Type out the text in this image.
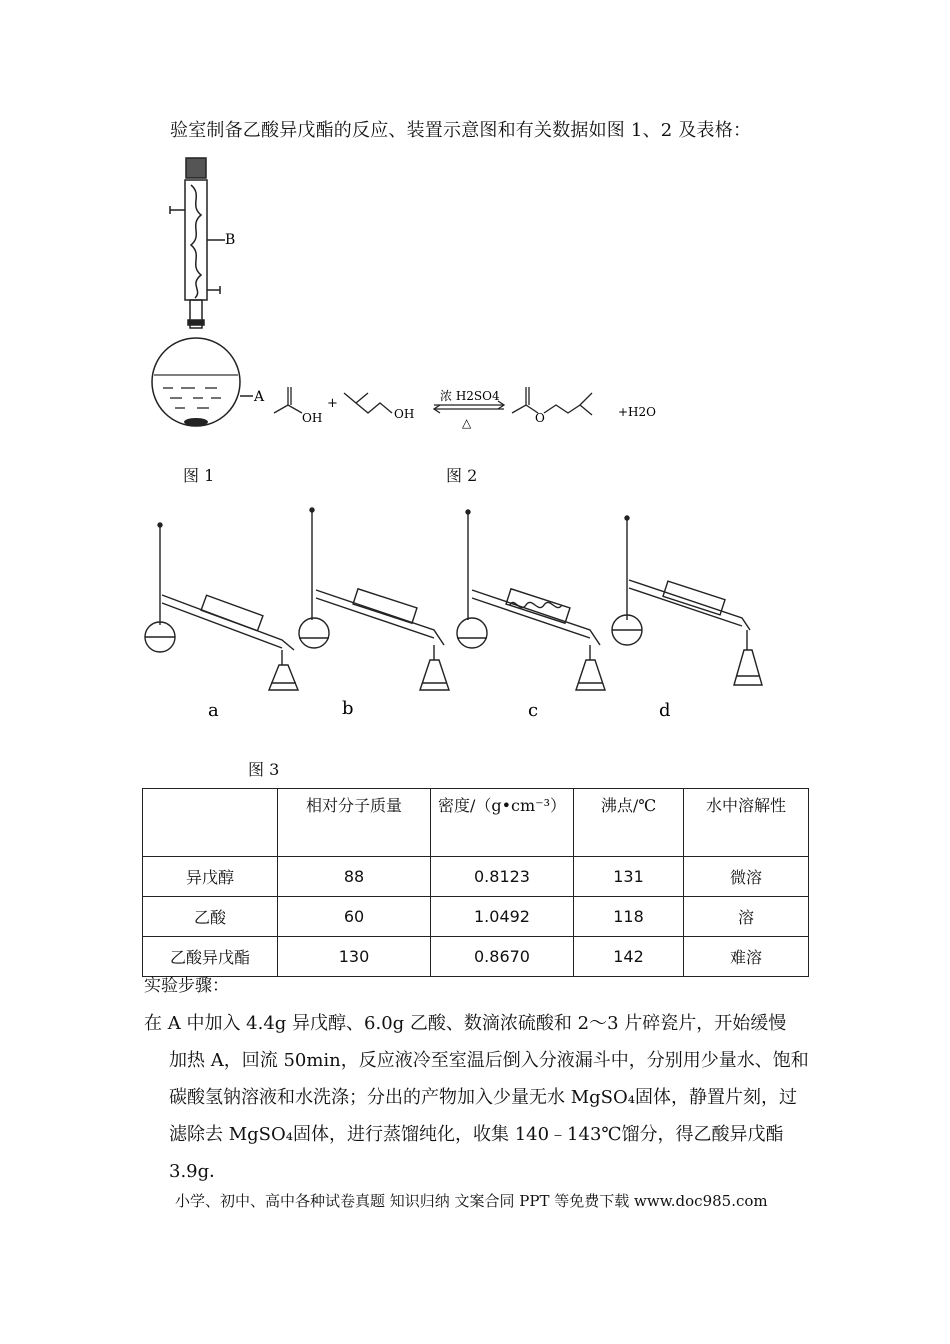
验室制备乙酸异戊酯的反应、装置示意图和有关数据如图 1、2 及表格：
B
A
OH
+
OH
浓 H2SO4
△	O	+H2O
图 1	图 2
a	b	c	d
图 3
	相对分子质量	密度/（g•cm⁻³）	沸点/℃	水中溶解性
异戊醇	88	0.8123	131	微溶
乙酸	60	1.0492	118	溶
乙酸异戊酯	130	0.8670	142	难溶
实验步骤：
在 A 中加入 4.4g 异戊醇、6.0g 乙酸、数滴浓硫酸和 2～3 片碎瓷片，开始缓慢
加热 A，回流 50min，反应液冷至室温后倒入分液漏斗中，分别用少量水、饱和碳酸氢钠溶液和水洗涤；分出的产物加入少量无水 MgSO₄固体，静置片刻，过滤除去 MgSO₄固体，进行蒸馏纯化，收集 140﹣143℃馏分，得乙酸异戊酯 3.9g．
小学、初中、高中各种试卷真题 知识归纳 文案合同 PPT 等免费下载 www.doc985.com
